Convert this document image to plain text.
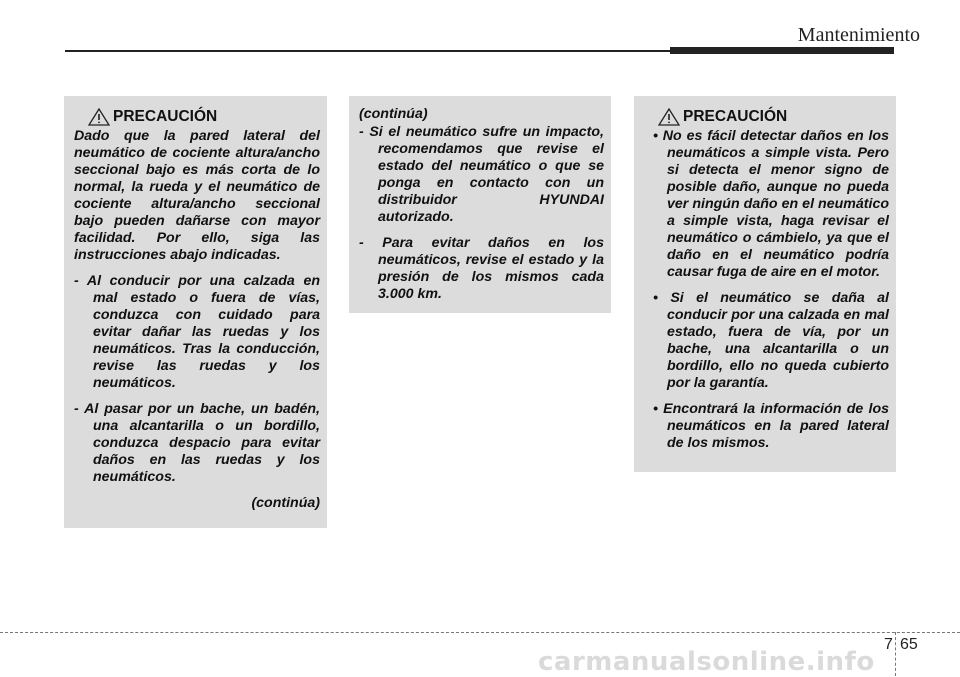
Mantenimiento
PRECAUCIÓN

Dado que la pared lateral del neumático de cociente altura/ancho seccional bajo es más corta de lo normal, la rueda y el neumático de cociente altura/ancho seccional bajo pueden dañarse con mayor facilidad. Por ello, siga las instrucciones abajo indicadas.

- Al conducir por una calzada en mal estado o fuera de vías, conduzca con cuidado para evitar dañar las ruedas y los neumáticos. Tras la conducción, revise las ruedas y los neumáticos.

- Al pasar por un bache, un badén, una alcantarilla o un bordillo, conduzca despacio para evitar daños en las ruedas y los neumáticos.

(continúa)

(continúa)

- Si el neumático sufre un impacto, recomendamos que revise el estado del neumático o que se ponga en contacto con un distribuidor HYUNDAI autorizado.

- Para evitar daños en los neumáticos, revise el estado y la presión de los mismos cada 3.000 km.

PRECAUCIÓN

• No es fácil detectar daños en los neumáticos a simple vista. Pero si detecta el menor signo de posible daño, aunque no pueda ver ningún daño en el neumático a simple vista, haga revisar el neumático o cámbielo, ya que el daño en el neumático podría causar fuga de aire en el motor.

• Si el neumático se daña al conducir por una calzada en mal estado, fuera de vía, por un bache, una alcantarilla o un bordillo, ello no queda cubierto por la garantía.

• Encontrará la información de los neumáticos en la pared lateral de los mismos.

7 65
carmanualsonline.info
